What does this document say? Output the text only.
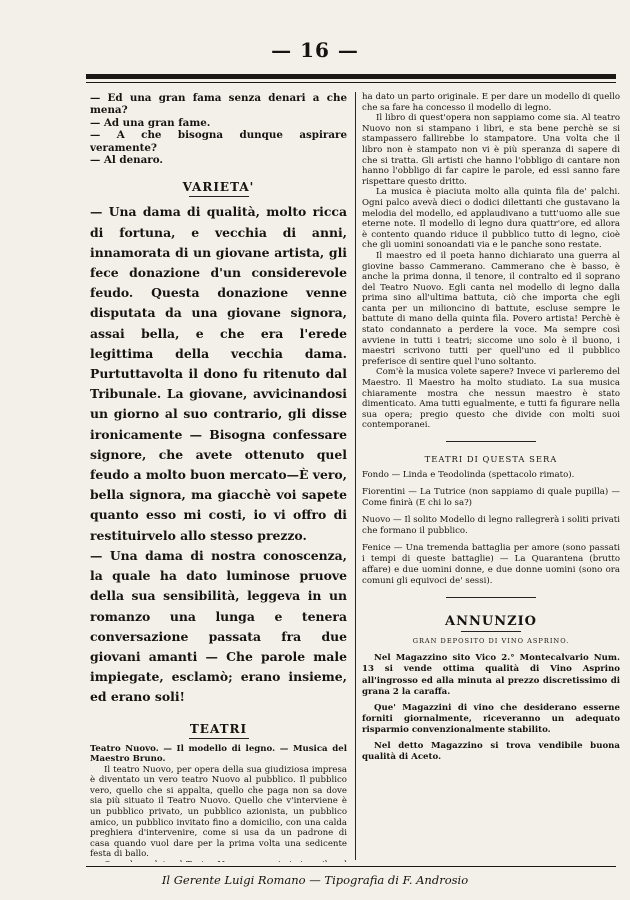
— 16 —

— Ed una gran fama senza denari a che mena?

— Ad una gran fame.

— A che bisogna dunque aspirare veramente?

— Al denaro.

VARIETA'

— Una dama di qualità, molto ricca di fortuna, e vecchia di anni, innamorata di un giovane artista, gli fece donazione d'un considerevole feudo. Questa donazione venne disputata da una giovane signora, assai bella, e che era l'erede legittima della vecchia dama. Purtuttavolta il dono fu ritenuto dal Tribunale. La giovane, avvicinandosi un giorno al suo contrario, gli disse ironicamente — Bisogna confessare signore, che avete ottenuto quel feudo a molto buon mercato—È vero, bella signora, ma giacchè voi sapete quanto esso mi costi, io vi offro di restituirvelo allo stesso prezzo.

— Una dama di nostra conoscenza, la quale ha dato luminose pruove della sua sensibilità, leggeva in un romanzo una lunga e tenera conversazione passata fra due giovani amanti — Che parole male impiegate, esclamò; erano insieme, ed erano soli!

TEATRI

Teatro Nuovo. — Il modello di legno. — Musica del Maestro Bruno.

Il teatro Nuovo, per opera della sua giudiziosa impresa è diventato un vero teatro Nuovo al pubblico. Il pubblico vero, quello che si appalta, quello che paga non sa dove sia più situato il Teatro Nuovo. Quello che v'interviene è un pubblico privato, un pubblico azionista, un pubblico amico, un pubblico invitato fino a domicilio, con una calda preghiera d'intervenire, come si usa da un padrone di casa quando vuol dare per la prima volta una sedicente festa di ballo.

ha dato un parto originale. E per dare un modello di quello che sa fare ha concesso il modello di legno.

Il libro di quest'opera non sappiamo come sia. Al teatro Nuovo non si stampano i libri, e sta bene perchè se si stampassero fallirebbe lo stampatore. Una volta che il libro non è stampato non vi è più speranza di sapere di che si tratta. Gli artisti che hanno l'obbligo di cantare non hanno l'obbligo di far capire le parole, ed essi sanno fare rispettare questo dritto.

La musica è piaciuta molto alla quinta fila de' palchi. Ogni palco avevà dieci o dodici dilettanti che gustavano la melodia del modello, ed applaudivano a tutt'uomo alle sue eterne note. Il modello di legno dura quattr'ore, ed allora è contento quando riduce il pubblico tutto di legno, cioè che gli uomini sonoandati via e le panche sono restate.

Il maestro ed il poeta hanno dichiarato una guerra al giovine basso Cammerano. Cammerano che è basso, è anche la prima donna, il tenore, il contralto ed il soprano del Teatro Nuovo. Egli canta nel modello di legno dalla prima sino all'ultima battuta, ciò che importa che egli canta per un milioncino di battute, escluse sempre le battute di mano della quinta fila. Povero artista! Perchè è stato condannato a perdere la voce. Ma sempre così avviene in tutti i teatri; siccome uno solo è il buono, i maestri scrivono tutti per quell'uno ed il pubblico preferisce di sentire quel l'uno soltanto.

Com'è la musica volete sapere? Invece vi parleremo del Maestro. Il Maestro ha molto studiato. La sua musica chiaramente mostra che nessun maestro è stato dimenticato. Ama tutti egualmente, e tutti fa figurare nella sua opera; pregio questo che divide con molti suoi contemporanei.

TEATRI DI QUESTA SERA

Fondo — Linda e Teodolinda (spettacolo rimato).

Fiorentini — La Tutrice (non sappiamo di quale pupilla) — Come finirà (E chi lo sa?)

Nuovo — Il solito Modello di legno rallegrerà i soliti privati che formano il pubblico.

Fenice — Una tremenda battaglia per amore (sono passati i tempi di queste battaglie) — La Quarantena (brutto affare) e due uomini donne, e due donne uomini (sono ora comuni gli equivoci de' sessi).

ANNUNZIO
GRAN DEPOSITO DI VINO ASPRINO.

Nel Magazzino sito Vico 2.° Montecalvario Num. 13 si vende ottima qualità di Vino Asprino all'ingrosso ed alla minuta al prezzo discretissimo di grana 2 la caraffa.

Que' Magazzini di vino che desiderano esserne forniti giornalmente, riceveranno un adequato risparmio convenzionalmente stabilito.

Nel detto Magazzino si trova vendibile buona qualità di Aceto.

Il Gerente Luigi Romano — Tipografia di F. Androsio
